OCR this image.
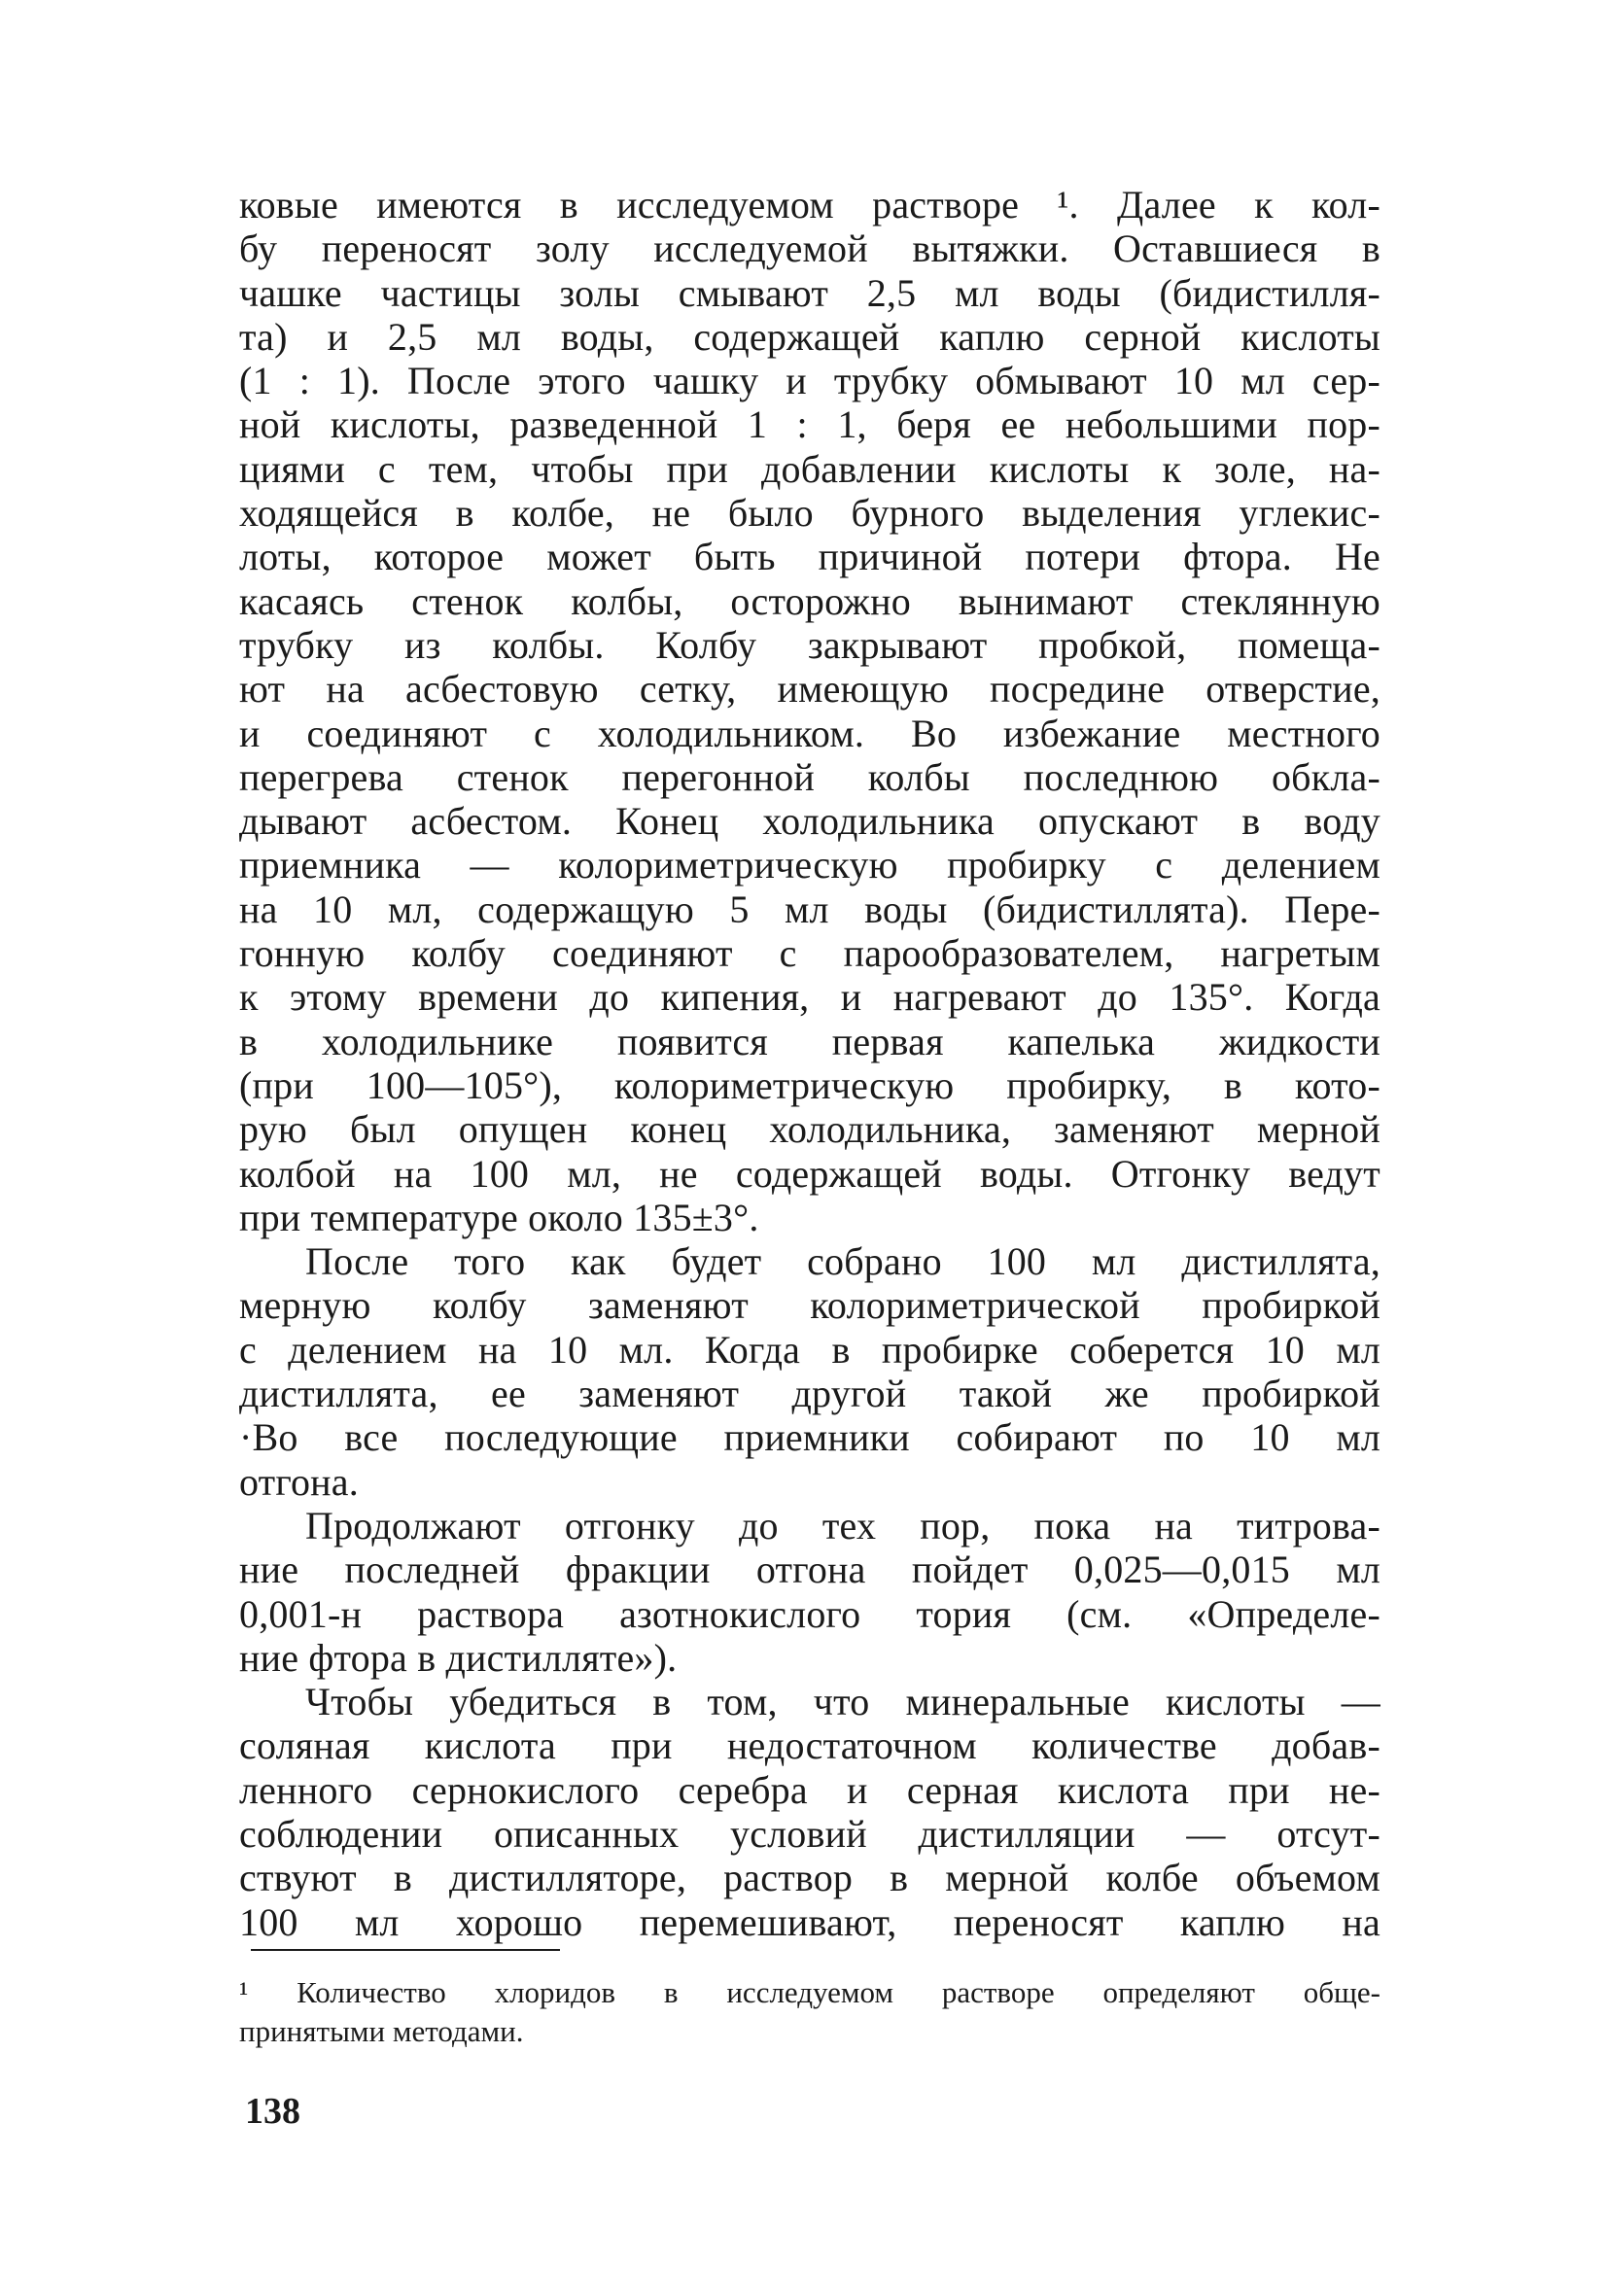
ковые имеются в исследуемом растворе ¹. Далее к кол-
бу переносят золу исследуемой вытяжки. Оставшиеся в
чашке частицы золы смывают 2,5 мл воды (бидистилля-
та) и 2,5 мл воды, содержащей каплю серной кислоты
(1 : 1). После этого чашку и трубку обмывают 10 мл сер-
ной кислоты, разведенной 1 : 1, беря ее небольшими пор-
циями с тем, чтобы при добавлении кислоты к золе, на-
ходящейся в колбе, не было бурного выделения углекис-
лоты, которое может быть причиной потери фтора. Не
касаясь стенок колбы, осторожно вынимают стеклянную
трубку из колбы. Колбу закрывают пробкой, помеща-
ют на асбестовую сетку, имеющую посредине отверстие,
и соединяют с холодильником. Во избежание местного
перегрева стенок перегонной колбы последнюю обкла-
дывают асбестом. Конец холодильника опускают в воду
приемника — колориметрическую пробирку с делением
на 10 мл, содержащую 5 мл воды (бидистиллята). Пере-
гонную колбу соединяют с парообразователем, нагретым
к этому времени до кипения, и нагревают до 135°. Когда
в холодильнике появится первая капелька жидкости
(при 100—105°), колориметрическую пробирку, в кото-
рую был опущен конец холодильника, заменяют мерной
колбой на 100 мл, не содержащей воды. Отгонку ведут
при температуре около 135±3°.
После того как будет собрано 100 мл дистиллята,
мерную колбу заменяют колориметрической пробиркой
с делением на 10 мл. Когда в пробирке соберется 10 мл
дистиллята, ее заменяют другой такой же пробиркой
·Во все последующие приемники собирают по 10 мл
отгона.
Продолжают отгонку до тех пор, пока на титрова-
ние последней фракции отгона пойдет 0,025—0,015 мл
0,001-н раствора азотнокислого тория (см. «Определе-
ние фтора в дистилляте»).
Чтобы убедиться в том, что минеральные кислоты —
соляная кислота при недостаточном количестве добав-
ленного сернокислого серебра и серная кислота при не-
соблюдении описанных условий дистилляции — отсут-
ствуют в дистилляторе, раствор в мерной колбе объемом
100 мл хорошо перемешивают, переносят каплю на
¹ Количество хлоридов в исследуемом растворе определяют обще-
принятыми методами.
138
